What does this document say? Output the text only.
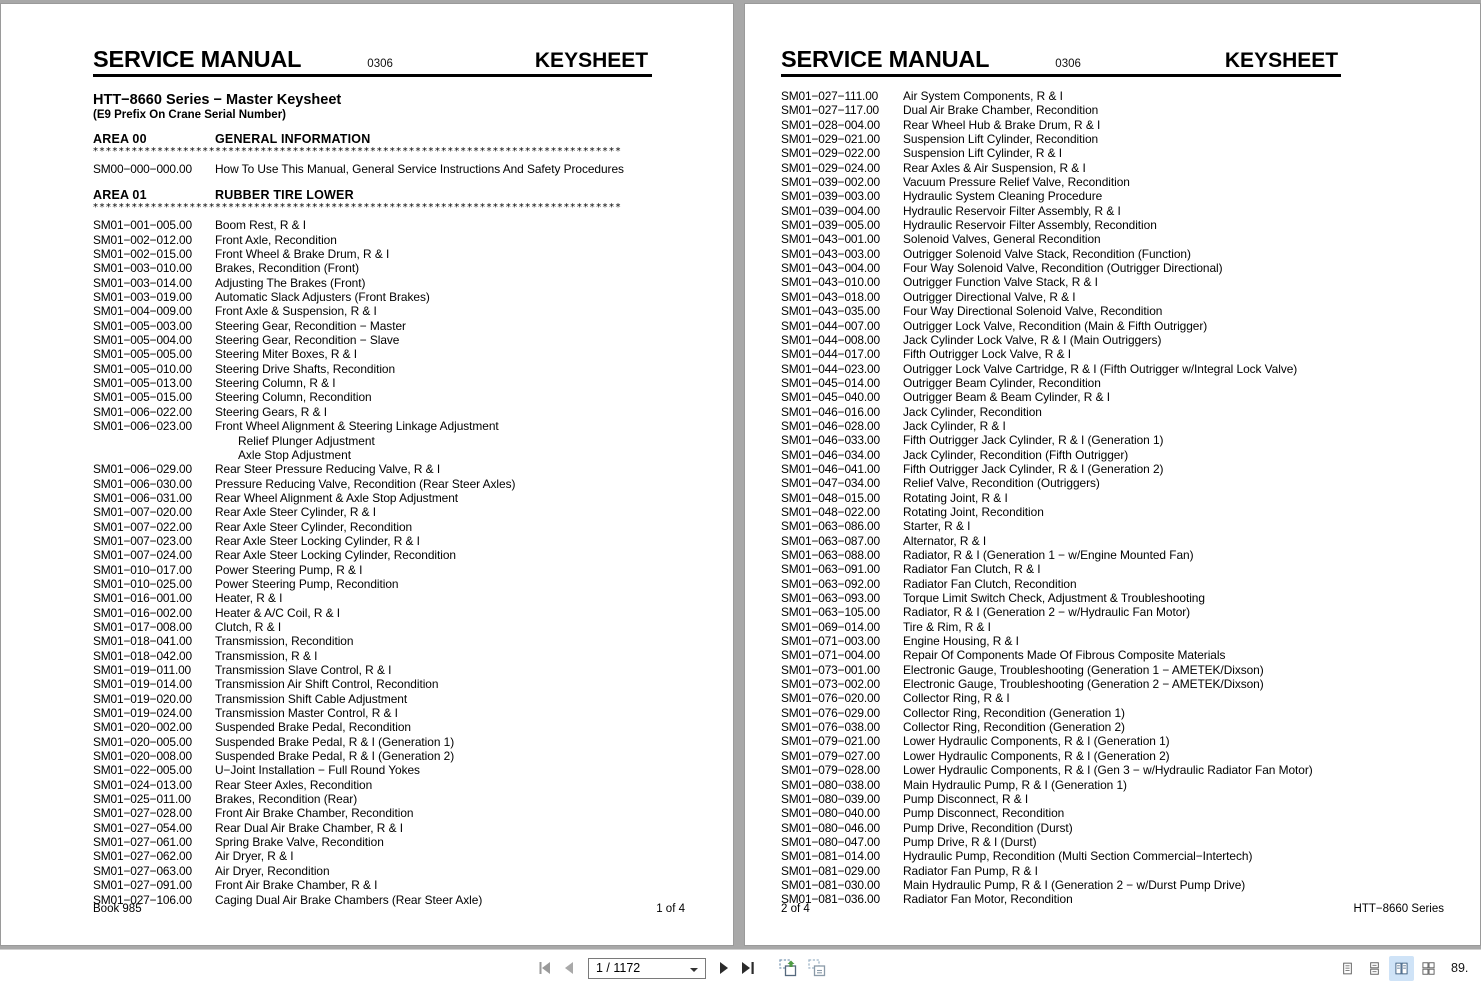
SERVICE MANUAL	0306	KEYSHEET
HTT−8660 Series − Master Keysheet
(E9 Prefix On Crane Serial Number)
AREA 00	GENERAL INFORMATION
**********************************************************************************
SM00−000−000.00	How To Use This Manual, General Service Instructions And Safety Procedures
AREA 01	RUBBER TIRE LOWER
**********************************************************************************
SM01−001−005.00	Boom Rest, R & I
SM01−002−012.00	Front Axle, Recondition
SM01−002−015.00	Front Wheel & Brake Drum, R & I
SM01−003−010.00	Brakes, Recondition (Front)
SM01−003−014.00	Adjusting The Brakes (Front)
SM01−003−019.00	Automatic Slack Adjusters (Front Brakes)
SM01−004−009.00	Front Axle & Suspension, R & I
SM01−005−003.00	Steering Gear, Recondition − Master
SM01−005−004.00	Steering Gear, Recondition − Slave
SM01−005−005.00	Steering Miter Boxes, R & I
SM01−005−010.00	Steering Drive Shafts, Recondition
SM01−005−013.00	Steering Column, R & I
SM01−005−015.00	Steering Column, Recondition
SM01−006−022.00	Steering Gears, R & I
SM01−006−023.00	Front Wheel Alignment & Steering Linkage Adjustment
Relief Plunger Adjustment
Axle Stop Adjustment
SM01−006−029.00	Rear Steer Pressure Reducing Valve, R & I
SM01−006−030.00	Pressure Reducing Valve, Recondition (Rear Steer Axles)
SM01−006−031.00	Rear Wheel Alignment & Axle Stop Adjustment
SM01−007−020.00	Rear Axle Steer Cylinder, R & I
SM01−007−022.00	Rear Axle Steer Cylinder, Recondition
SM01−007−023.00	Rear Axle Steer Locking Cylinder, R & I
SM01−007−024.00	Rear Axle Steer Locking Cylinder, Recondition
SM01−010−017.00	Power Steering Pump, R & I
SM01−010−025.00	Power Steering Pump, Recondition
SM01−016−001.00	Heater, R & I
SM01−016−002.00	Heater & A/C Coil, R & I
SM01−017−008.00	Clutch, R & I
SM01−018−041.00	Transmission, Recondition
SM01−018−042.00	Transmission, R & I
SM01−019−011.00	Transmission Slave Control, R & I
SM01−019−014.00	Transmission Air Shift Control, Recondition
SM01−019−020.00	Transmission Shift Cable Adjustment
SM01−019−024.00	Transmission Master Control, R & I
SM01−020−002.00	Suspended Brake Pedal, Recondition
SM01−020−005.00	Suspended Brake Pedal, R & I (Generation 1)
SM01−020−008.00	Suspended Brake Pedal, R & I (Generation 2)
SM01−022−005.00	U−Joint Installation − Full Round Yokes
SM01−024−013.00	Rear Steer Axles, Recondition
SM01−025−011.00	Brakes, Recondition (Rear)
SM01−027−028.00	Front Air Brake Chamber, Recondition
SM01−027−054.00	Rear Dual Air Brake Chamber, R & I
SM01−027−061.00	Spring Brake Valve, Recondition
SM01−027−062.00	Air Dryer, R & I
SM01−027−063.00	Air Dryer, Recondition
SM01−027−091.00	Front Air Brake Chamber, R & I
SM01−027−106.00	Caging Dual Air Brake Chambers (Rear Steer Axle)
Book 985	1 of 4
SERVICE MANUAL	0306	KEYSHEET
SM01−027−111.00	Air System Components, R & I
SM01−027−117.00	Dual Air Brake Chamber, Recondition
SM01−028−004.00	Rear Wheel Hub & Brake Drum, R & I
SM01−029−021.00	Suspension Lift Cylinder, Recondition
SM01−029−022.00	Suspension Lift Cylinder, R & I
SM01−029−024.00	Rear Axles & Air Suspension, R & I
SM01−039−002.00	Vacuum Pressure Relief Valve, Recondition
SM01−039−003.00	Hydraulic System Cleaning Procedure
SM01−039−004.00	Hydraulic Reservoir Filter Assembly, R & I
SM01−039−005.00	Hydraulic Reservoir Filter Assembly, Recondition
SM01−043−001.00	Solenoid Valves, General Recondition
SM01−043−003.00	Outrigger Solenoid Valve Stack, Recondition (Function)
SM01−043−004.00	Four Way Solenoid Valve, Recondition (Outrigger Directional)
SM01−043−010.00	Outrigger Function Valve Stack, R & I
SM01−043−018.00	Outrigger Directional Valve, R & I
SM01−043−035.00	Four Way Directional Solenoid Valve, Recondition
SM01−044−007.00	Outrigger Lock Valve, Recondition (Main & Fifth Outrigger)
SM01−044−008.00	Jack Cylinder Lock Valve, R & I (Main Outriggers)
SM01−044−017.00	Fifth Outrigger Lock Valve, R & I
SM01−044−023.00	Outrigger Lock Valve Cartridge, R & I (Fifth Outrigger w/Integral Lock Valve)
SM01−045−014.00	Outrigger Beam Cylinder, Recondition
SM01−045−040.00	Outrigger Beam & Beam Cylinder, R & I
SM01−046−016.00	Jack Cylinder, Recondition
SM01−046−028.00	Jack Cylinder, R & I
SM01−046−033.00	Fifth Outrigger Jack Cylinder, R & I (Generation 1)
SM01−046−034.00	Jack Cylinder, Recondition (Fifth Outrigger)
SM01−046−041.00	Fifth Outrigger Jack Cylinder, R & I (Generation 2)
SM01−047−034.00	Relief Valve, Recondition (Outriggers)
SM01−048−015.00	Rotating Joint, R & I
SM01−048−022.00	Rotating Joint, Recondition
SM01−063−086.00	Starter, R & I
SM01−063−087.00	Alternator, R & I
SM01−063−088.00	Radiator, R & I (Generation 1 − w/Engine Mounted Fan)
SM01−063−091.00	Radiator Fan Clutch, R & I
SM01−063−092.00	Radiator Fan Clutch, Recondition
SM01−063−093.00	Torque Limit Switch Check, Adjustment & Troubleshooting
SM01−063−105.00	Radiator, R & I (Generation 2 − w/Hydraulic Fan Motor)
SM01−069−014.00	Tire & Rim, R & I
SM01−071−003.00	Engine Housing, R & I
SM01−071−004.00	Repair Of Components Made Of Fibrous Composite Materials
SM01−073−001.00	Electronic Gauge, Troubleshooting (Generation 1 − AMETEK/Dixson)
SM01−073−002.00	Electronic Gauge, Troubleshooting (Generation 2 − AMETEK/Dixson)
SM01−076−020.00	Collector Ring, R & I
SM01−076−029.00	Collector Ring, Recondition (Generation 1)
SM01−076−038.00	Collector Ring, Recondition (Generation 2)
SM01−079−021.00	Lower Hydraulic Components, R & I (Generation 1)
SM01−079−027.00	Lower Hydraulic Components, R & I (Generation 2)
SM01−079−028.00	Lower Hydraulic Components, R & I (Gen 3 − w/Hydraulic Radiator Fan Motor)
SM01−080−038.00	Main Hydraulic Pump, R & I (Generation 1)
SM01−080−039.00	Pump Disconnect, R & I
SM01−080−040.00	Pump Disconnect, Recondition
SM01−080−046.00	Pump Drive, Recondition (Durst)
SM01−080−047.00	Pump Drive, R & I (Durst)
SM01−081−014.00	Hydraulic Pump, Recondition (Multi Section Commercial−Intertech)
SM01−081−029.00	Radiator Fan Pump, R & I
SM01−081−030.00	Main Hydraulic Pump, R & I (Generation 2 − w/Durst Pump Drive)
SM01−081−036.00	Radiator Fan Motor, Recondition
2 of 4	HTT−8660 Series
1 / 1172
89.
